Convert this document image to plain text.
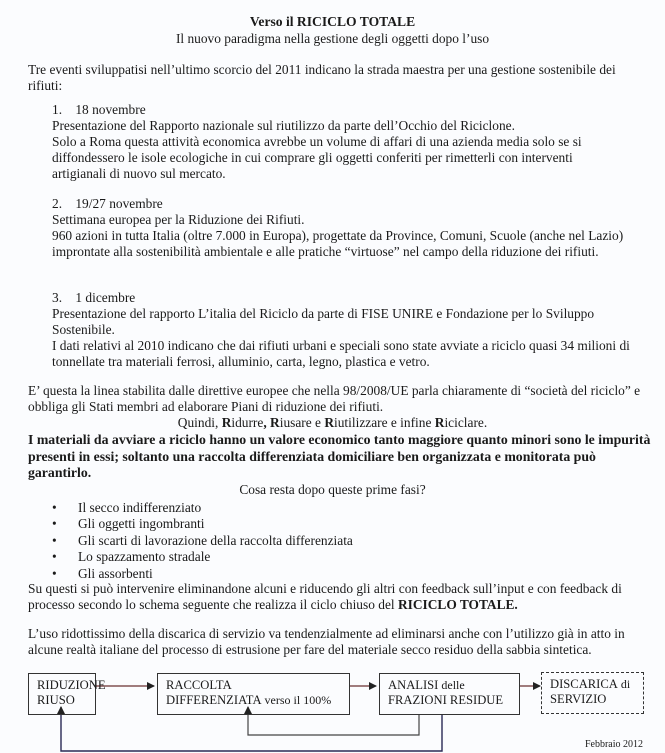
Verso il RICICLO TOTALE
Il nuovo paradigma nella gestione degli oggetti dopo l’uso

Tre eventi sviluppatisi nell’ultimo scorcio del 2011 indicano la strada maestra per una gestione sostenibile dei rifiuti:

1. 18 novembre

Presentazione del Rapporto nazionale sul riutilizzo da parte dell’Occhio del Riciclone.

Solo a Roma questa attività economica avrebbe un volume di affari di una azienda media solo se si diffondessero le isole ecologiche in cui comprare gli oggetti conferiti per rimetterli con interventi artigianali di nuovo sul mercato.

2. 19/27 novembre

Settimana europea per la Riduzione dei Rifiuti.

960 azioni in tutta Italia (oltre 7.000 in Europa), progettate da Province, Comuni, Scuole (anche nel Lazio) improntate alla sostenibilità ambientale e alle pratiche “virtuose” nel campo della riduzione dei rifiuti.

3. 1 dicembre

Presentazione del rapporto L’italia del Riciclo da parte di FISE UNIRE e Fondazione per lo Sviluppo Sostenibile.

I dati relativi al 2010 indicano che dai rifiuti urbani e speciali sono state avviate a riciclo quasi 34 milioni di tonnellate tra materiali ferrosi, alluminio, carta, legno, plastica e vetro.

E’ questa la linea stabilita dalle direttive europee che nella 98/2008/UE parla chiaramente di “società del riciclo” e obbliga gli Stati membri ad elaborare Piani di riduzione dei rifiuti.

Quindi, Ridurre, Riusare e Riutilizzare e infine Riciclare.

I materiali da avviare a riciclo hanno un valore economico tanto maggiore quanto minori sono le impurità presenti in essi; soltanto una raccolta differenziata domiciliare ben organizzata e monitorata può garantirlo.

Cosa resta dopo queste prime fasi?

• Il secco indifferenziato
• Gli oggetti ingombranti
• Gli scarti di lavorazione della raccolta differenziata
• Lo spazzamento stradale
• Gli assorbenti

Su questi si può intervenire eliminandone alcuni e riducendo gli altri con feedback sull’input e con feedback di processo secondo lo schema seguente che realizza il ciclo chiuso del RICICLO TOTALE.

L’uso ridottissimo della discarica di servizio va tendenzialmente ad eliminarsi anche con l’utilizzo già in atto in alcune realtà italiane del processo di estrusione per fare del materiale secco residuo della sabbia sintetica.

RIDUZIONE
RIUSO
RACCOLTA
DIFFERENZIATA verso il 100%
ANALISI delle
FRAZIONI RESIDUE
DISCARICA di
SERVIZIO
Febbraio 2012
